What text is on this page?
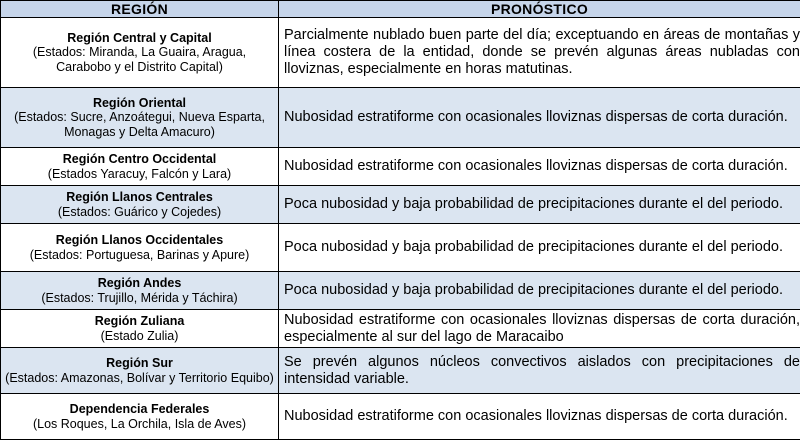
REGIÓN	PRONÓSTICO

Región Central y Capital
(Estados: Miranda, La Guaira, Aragua, Carabobo y el Distrito Capital)	Parcialmente nublado buen parte del día; exceptuando en áreas de montañas y línea costera de la entidad, donde se prevén algunas áreas nubladas con lloviznas, especialmente en horas matutinas.

Región Oriental
(Estados: Sucre, Anzoátegui, Nueva Esparta, Monagas y Delta Amacuro)	Nubosidad estratiforme con ocasionales lloviznas dispersas de corta duración.

Región Centro Occidental
(Estados Yaracuy, Falcón y Lara)	Nubosidad estratiforme con ocasionales lloviznas dispersas de corta duración.

Región Llanos Centrales
(Estados: Guárico y Cojedes)	Poca nubosidad y baja probabilidad de precipitaciones durante el del periodo.

Región Llanos Occidentales
(Estados: Portuguesa, Barinas y Apure)	Poca nubosidad y baja probabilidad de precipitaciones durante el del periodo.

Región Andes
(Estados: Trujillo, Mérida y Táchira)	Poca nubosidad y baja probabilidad de precipitaciones durante el del periodo.

Región Zuliana
(Estado Zulia)	Nubosidad estratiforme con ocasionales lloviznas dispersas de corta duración, especialmente al sur del lago de Maracaibo

Región Sur
(Estados: Amazonas, Bolívar y Territorio Equibo)	Se prevén algunos núcleos convectivos aislados con precipitaciones de intensidad variable.

Dependencia Federales
(Los Roques, La Orchila, Isla de Aves)	Nubosidad estratiforme con ocasionales lloviznas dispersas de corta duración.
